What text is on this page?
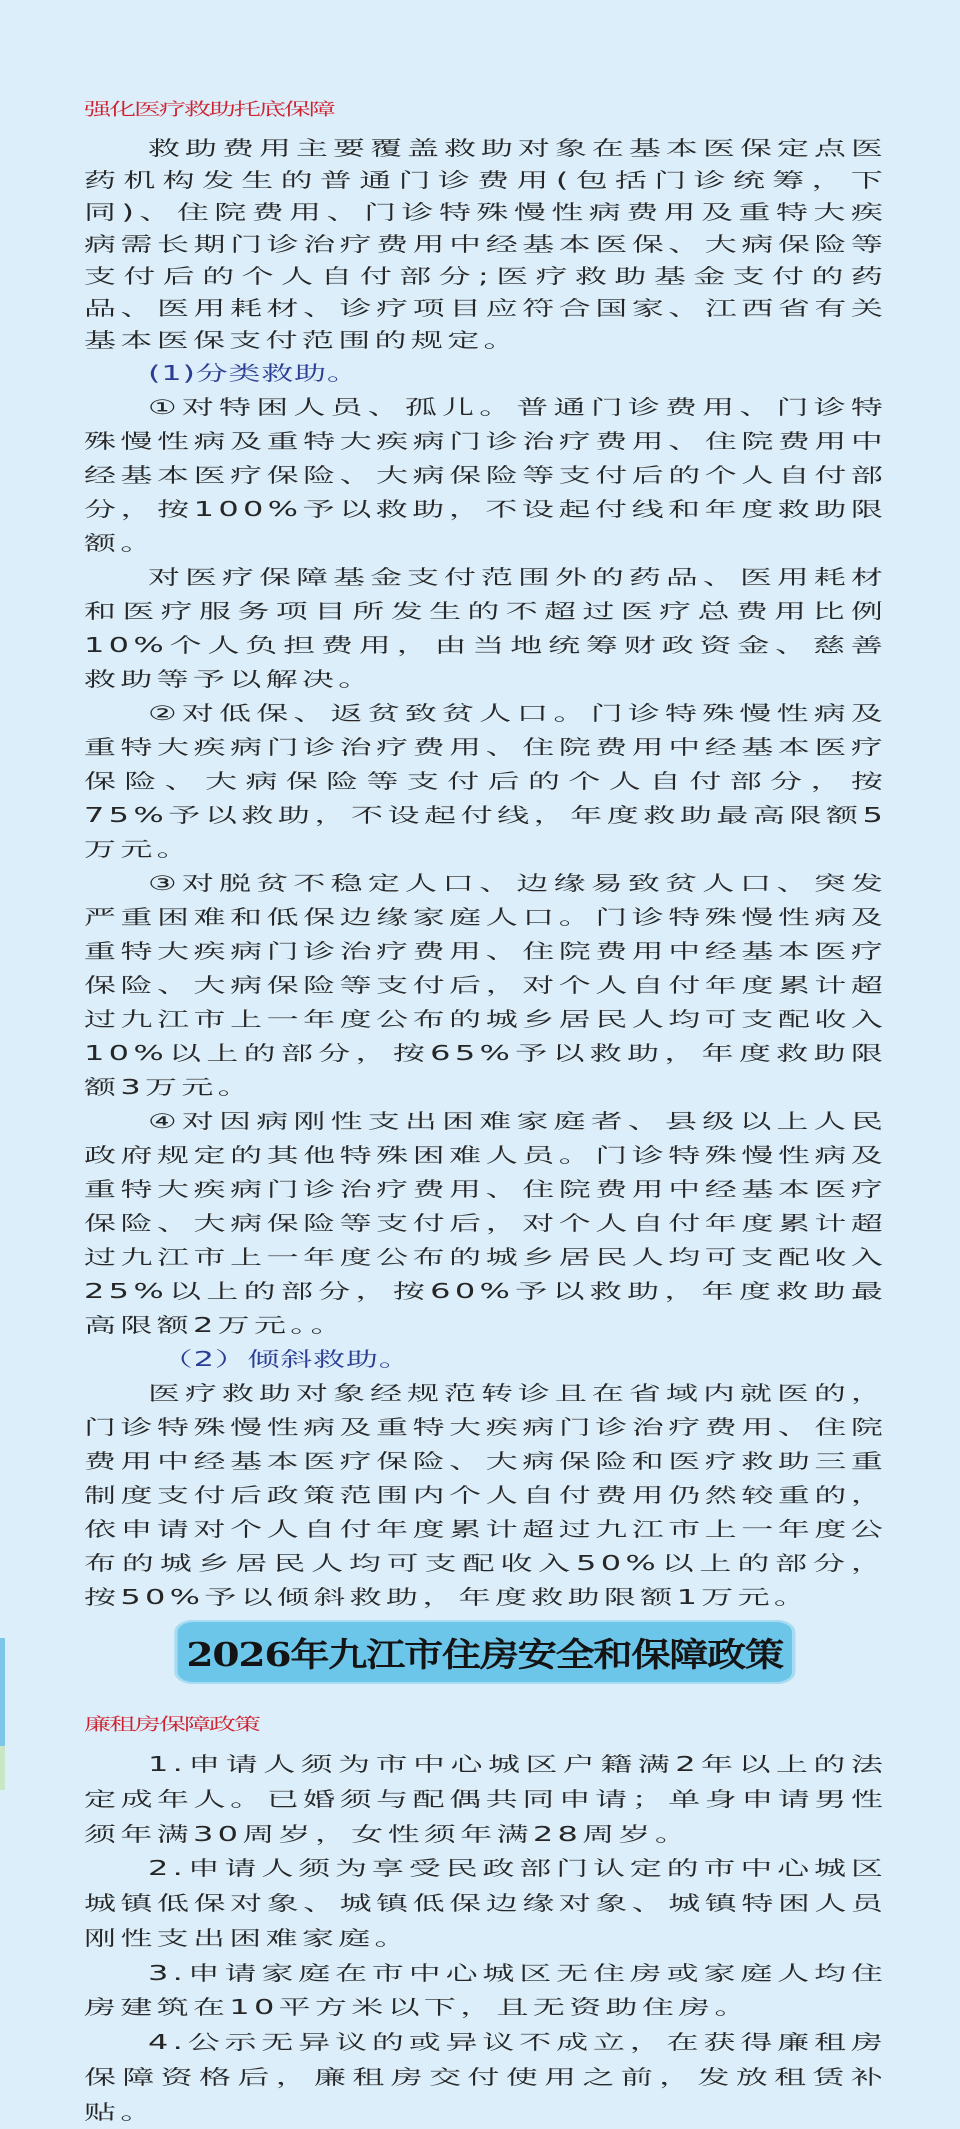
强化医疗救助托底保障

救助费用主要覆盖救助对象在基本医保定点医药机构发生的普通门诊费用(包括门诊统筹，下同)、住院费用、门诊特殊慢性病费用及重特大疾病需长期门诊治疗费用中经基本医保、大病保险等支付后的个人自付部分;医疗救助基金支付的药品、医用耗材、诊疗项目应符合国家、江西省有关基本医保支付范围的规定。

(1)分类救助。

①对特困人员、孤儿。普通门诊费用、门诊特殊慢性病及重特大疾病门诊治疗费用、住院费用中经基本医疗保险、大病保险等支付后的个人自付部分，按100%予以救助，不设起付线和年度救助限额。

对医疗保障基金支付范围外的药品、医用耗材和医疗服务项目所发生的不超过医疗总费用比例10%个人负担费用，由当地统筹财政资金、慈善救助等予以解决。

②对低保、返贫致贫人口。门诊特殊慢性病及重特大疾病门诊治疗费用、住院费用中经基本医疗保险、大病保险等支付后的个人自付部分，按75%予以救助，不设起付线，年度救助最高限额5万元。

③对脱贫不稳定人口、边缘易致贫人口、突发严重困难和低保边缘家庭人口。门诊特殊慢性病及重特大疾病门诊治疗费用、住院费用中经基本医疗保险、大病保险等支付后，对个人自付年度累计超过九江市上一年度公布的城乡居民人均可支配收入10%以上的部分，按65%予以救助，年度救助限额3万元。

④对因病刚性支出困难家庭者、县级以上人民政府规定的其他特殊困难人员。门诊特殊慢性病及重特大疾病门诊治疗费用、住院费用中经基本医疗保险、大病保险等支付后，对个人自付年度累计超过九江市上一年度公布的城乡居民人均可支配收入25%以上的部分，按60%予以救助，年度救助最高限额2万元。。

（2）倾斜救助。

医疗救助对象经规范转诊且在省域内就医的，门诊特殊慢性病及重特大疾病门诊治疗费用、住院费用中经基本医疗保险、大病保险和医疗救助三重制度支付后政策范围内个人自付费用仍然较重的，依申请对个人自付年度累计超过九江市上一年度公布的城乡居民人均可支配收入50%以上的部分，按50%予以倾斜救助，年度救助限额1万元。

2026年九江市住房安全和保障政策
廉租房保障政策

1.申请人须为市中心城区户籍满2年以上的法定成年人。已婚须与配偶共同申请；单身申请男性须年满30周岁，女性须年满28周岁。

2.申请人须为享受民政部门认定的市中心城区城镇低保对象、城镇低保边缘对象、城镇特困人员刚性支出困难家庭。

3.申请家庭在市中心城区无住房或家庭人均住房建筑在10平方米以下，且无资助住房。

4.公示无异议的或异议不成立，在获得廉租房保障资格后，廉租房交付使用之前，发放租赁补贴。
